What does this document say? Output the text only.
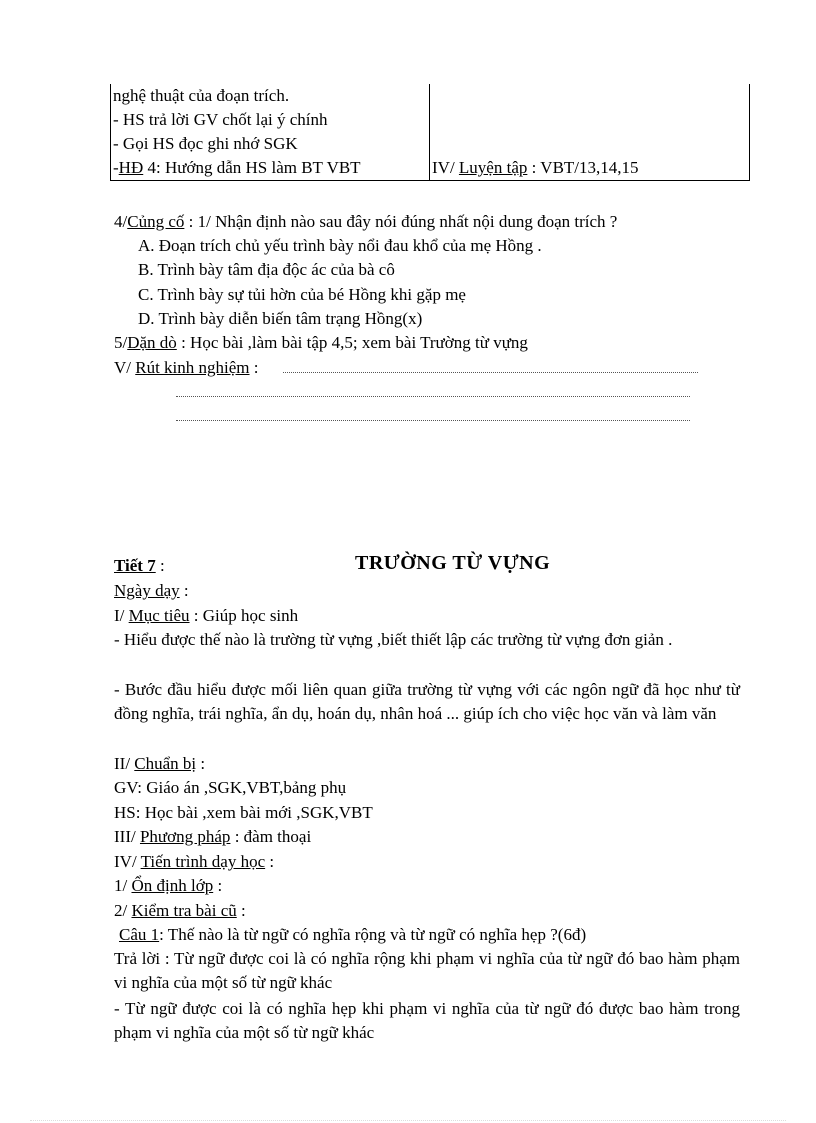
nghệ thuật của đoạn trích.	
- HS trả lời GV chốt lại ý chính	
- Gọi HS đọc ghi nhớ SGK	
-HĐ 4: Hướng dẫn HS làm BT VBT	IV/ Luyện tập : VBT/13,14,15
4/Củng cố : 1/ Nhận định nào sau đây nói đúng nhất nội dung đoạn trích ?
A. Đoạn trích chủ yếu trình bày nổi đau khổ của mẹ Hồng .
B. Trình bày tâm địa độc ác của bà cô
C. Trình bày sự tủi hờn của bé Hồng khi gặp mẹ
D. Trình bày diễn biến tâm trạng Hồng(x)
5/Dặn dò : Học bài ,làm bài tập 4,5; xem bài Trường từ vựng
V/ Rút kinh nghiệm :
Tiết 7 :	TRƯỜNG TỪ VỰNG
Ngày dạy :
I/ Mục tiêu : Giúp học sinh
- Hiểu được thế nào là trường từ vựng ,biết thiết lập các trường từ vựng đơn giản .
- Bước đầu hiểu được mối liên quan giữa trường từ vựng với các ngôn ngữ đã học như từ đồng nghĩa, trái nghĩa, ẩn dụ, hoán dụ, nhân hoá ... giúp ích cho việc học văn và làm văn
II/ Chuẩn bị :
GV: Giáo án ,SGK,VBT,bảng phụ
HS: Học bài ,xem bài mới ,SGK,VBT
III/ Phương pháp : đàm thoại
IV/ Tiến trình dạy học :
1/ Ổn định lớp :
2/ Kiểm tra bài cũ :
Câu 1: Thế nào là từ ngữ có nghĩa rộng và từ ngữ có nghĩa hẹp ?(6đ)
Trả lời : Từ ngữ được coi là có nghĩa rộng khi phạm vi nghĩa của từ ngữ đó bao hàm phạm vi nghĩa của một số từ ngữ khác
- Từ ngữ được coi là có nghĩa hẹp khi phạm vi nghĩa của từ ngữ đó được bao hàm trong phạm vi nghĩa của một số từ ngữ khác
